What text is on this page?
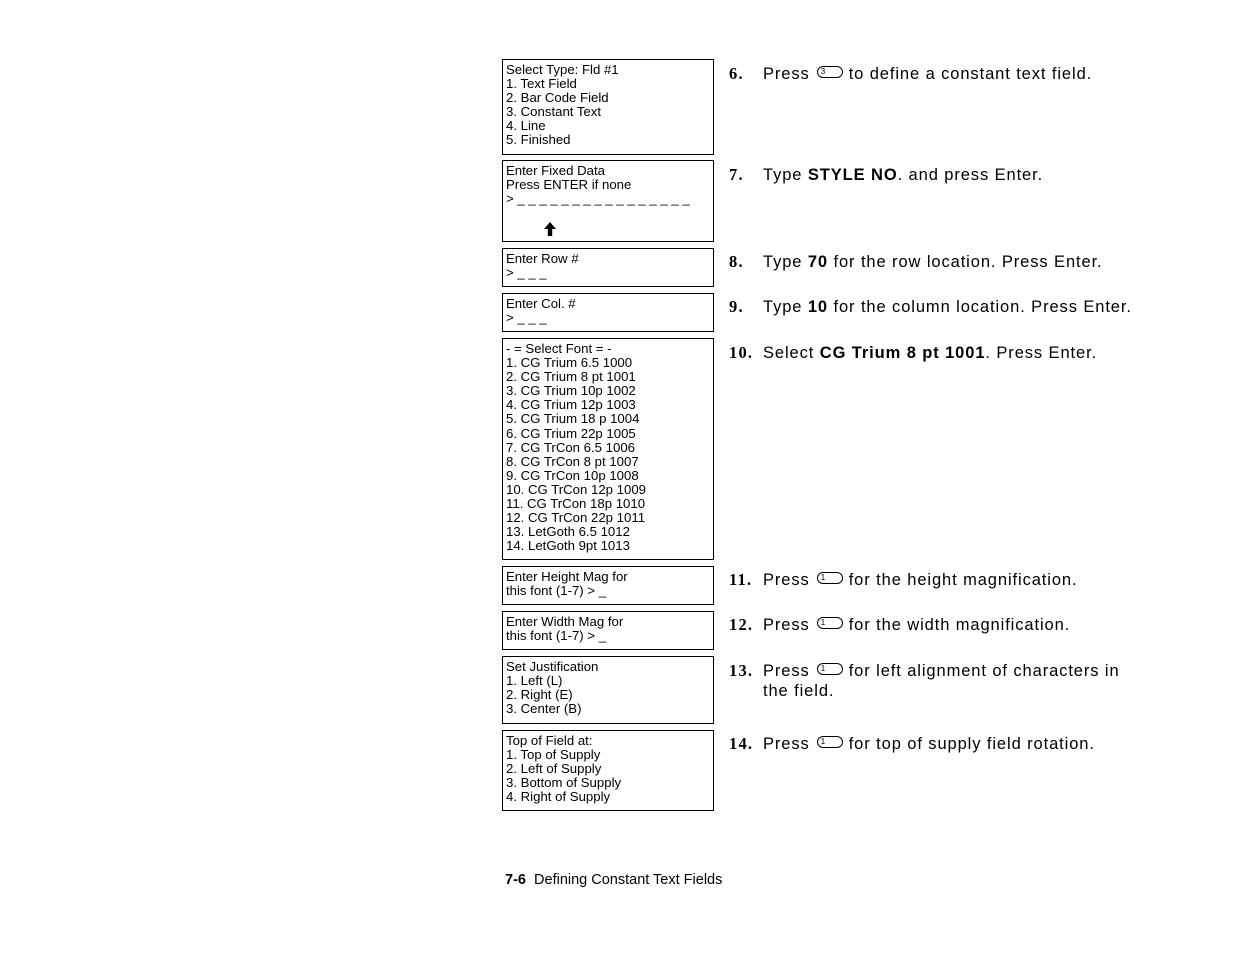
Select Type: Fld #1
1. Text Field
2. Bar Code Field
3. Constant Text
4. Line
5. Finished
Enter Fixed Data
Press ENTER if none
> _ _ _ _ _ _ _ _ _ _ _ _ _ _ _ _
Enter Row #
> _ _ _
Enter Col. #
> _ _ _
- = Select Font = -
1. CG Trium 6.5 1000
2. CG Trium 8 pt 1001
3. CG Trium 10p 1002
4. CG Trium 12p 1003
5. CG Trium 18 p 1004
6. CG Trium 22p 1005
7. CG TrCon 6.5 1006
8. CG TrCon 8 pt 1007
9. CG TrCon 10p 1008
10. CG TrCon 12p 1009
11. CG TrCon 18p 1010
12. CG TrCon 22p 1011
13. LetGoth 6.5 1012
14. LetGoth 9pt 1013
Enter Height Mag for
this font (1-7) > _
Enter Width Mag for
this font (1-7) > _
Set Justification
1. Left (L)
2. Right (E)
3. Center (B)
Top of Field at:
1. Top of Supply
2. Left of Supply
3. Bottom of Supply
4. Right of Supply
6. Press 3 to define a constant text field.
7. Type STYLE NO. and press Enter.
8. Type 70 for the row location. Press Enter.
9. Type 10 for the column location. Press Enter.
10. Select CG Trium 8 pt 1001. Press Enter.
11. Press 1 for the height magnification.
12. Press 1 for the width magnification.
13. Press 1 for left alignment of characters in
the field.
14. Press 1 for top of supply field rotation.
7-6 Defining Constant Text Fields
